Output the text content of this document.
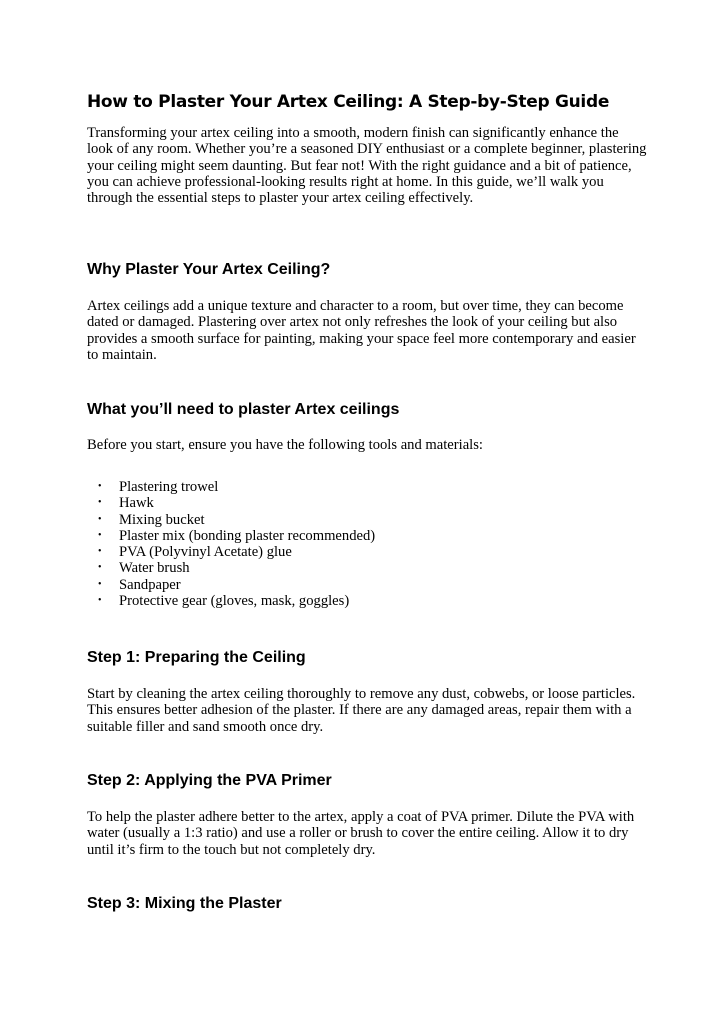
How to Plaster Your Artex Ceiling: A Step-by-Step Guide

Transforming your artex ceiling into a smooth, modern finish can significantly enhance the look of any room. Whether you’re a seasoned DIY enthusiast or a complete beginner, plastering your ceiling might seem daunting. But fear not! With the right guidance and a bit of patience, you can achieve professional-looking results right at home. In this guide, we’ll walk you through the essential steps to plaster your artex ceiling effectively.

Why Plaster Your Artex Ceiling?

Artex ceilings add a unique texture and character to a room, but over time, they can become dated or damaged. Plastering over artex not only refreshes the look of your ceiling but also provides a smooth surface for painting, making your space feel more contemporary and easier to maintain.

What you’ll need to plaster Artex ceilings

Before you start, ensure you have the following tools and materials:

• Plastering trowel
• Hawk
• Mixing bucket
• Plaster mix (bonding plaster recommended)
• PVA (Polyvinyl Acetate) glue
• Water brush
• Sandpaper
• Protective gear (gloves, mask, goggles)
Step 1: Preparing the Ceiling

Start by cleaning the artex ceiling thoroughly to remove any dust, cobwebs, or loose particles. This ensures better adhesion of the plaster. If there are any damaged areas, repair them with a suitable filler and sand smooth once dry.

Step 2: Applying the PVA Primer

To help the plaster adhere better to the artex, apply a coat of PVA primer. Dilute the PVA with water (usually a 1:3 ratio) and use a roller or brush to cover the entire ceiling. Allow it to dry until it’s firm to the touch but not completely dry.

Step 3: Mixing the Plaster
